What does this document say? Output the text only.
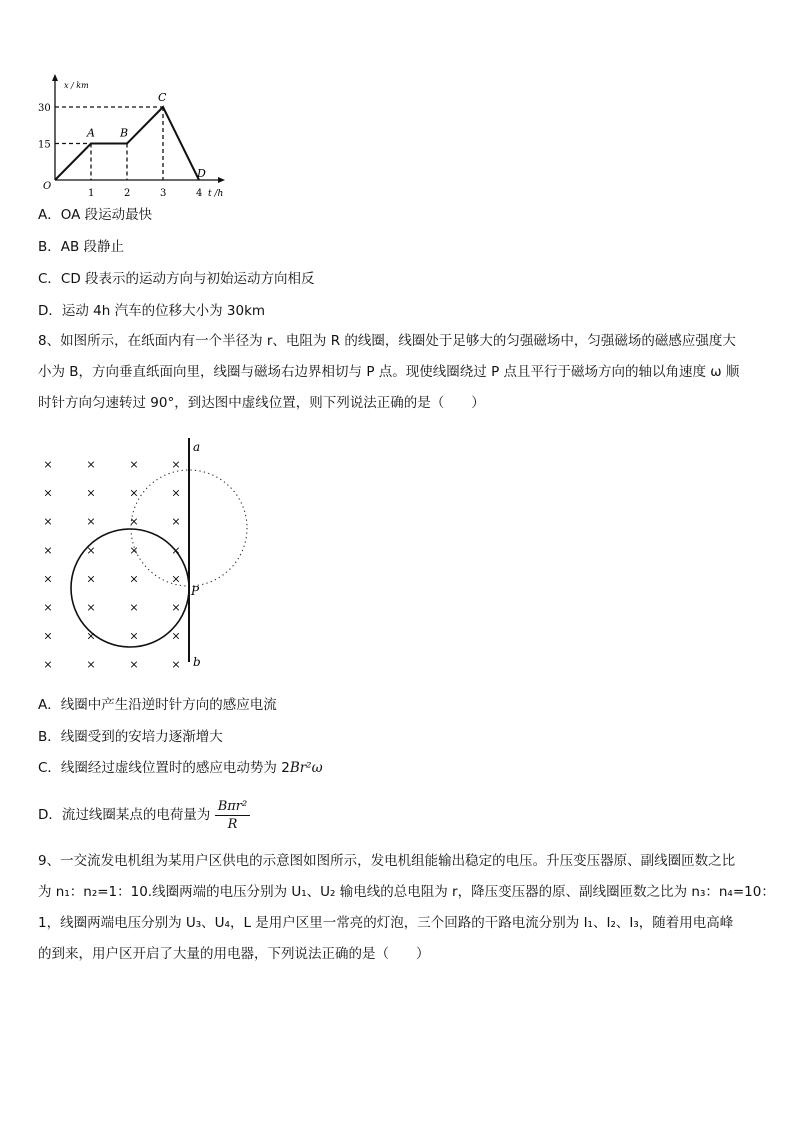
x / km
t /h
O
30
15
1	2	3	4
A B
C
D
A．OA 段运动最快
B．AB 段静止
C．CD 段表示的运动方向与初始运动方向相反
D．运动 4h 汽车的位移大小为 30km

8、如图所示，在纸面内有一个半径为 r、电阻为 R 的线圈，线圈处于足够大的匀强磁场中，匀强磁场的磁感应强度大

小为 B，方向垂直纸面向里，线圈与磁场右边界相切与 P 点。现使线圈绕过 P 点且平行于磁场方向的轴以角速度 ω 顺

时针方向匀速转过 90°，到达图中虚线位置，则下列说法正确的是（　　）

×	×	×	×
×	×	×	×
×	×	×	×
×	×	×	×
×	×	×	×
×	×	×	×
×	×	×	×
×	×	×	×
a
P
b
A．线圈中产生沿逆时针方向的感应电流
B．线圈受到的安培力逐渐增大
C．线圈经过虚线位置时的感应电动势为 2Br²ω
D．流过线圈某点的电荷量为 $\frac{\text{Bπr²}}{R}$

9、一交流发电机组为某用户区供电的示意图如图所示，发电机组能输出稳定的电压。升压变压器原、副线圈匝数之比

为 n₁：n₂=1：10.线圈两端的电压分别为 U₁、U₂ 输电线的总电阻为 r，降压变压器的原、副线圈匝数之比为 n₃：n₄=10：

1，线圈两端电压分别为 U₃、U₄，L 是用户区里一常亮的灯泡，三个回路的干路电流分别为 I₁、I₂、I₃，随着用电高峰

的到来，用户区开启了大量的用电器，下列说法正确的是（　　）
